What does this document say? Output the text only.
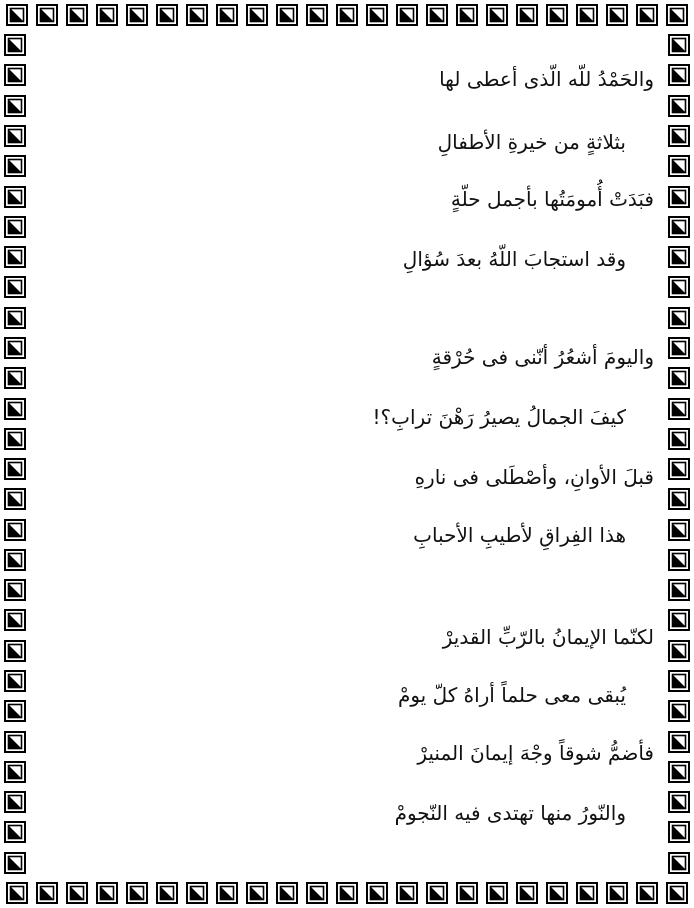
والحَمْدُ للّه الّذى أعطى لها
بثلاثةٍ من خيرةِ الأطفالِ
فبَدَتْ أُمومَتُها بأجمل حلّةٍ
وقد استجابَ اللّهُ بعدَ سُؤالِ
واليومَ أشعُرُ أنّنى فى حُرْقةٍ
كيفَ الجمالُ يصيرُ رَهْنَ ترابِ؟!
قبلَ الأوانِ، وأصْطَلى فى نارهِ
هذا الفِراقِ لأطيبِ الأحبابِ
لكنّما الإيمانُ بالرّبِّ القديرْ
يُبقى معى حلماً أراهُ كلّ يومْ
فأضمُّ شوقاً وجْهَ إيمانَ المنيرْ
والنّورُ منها تهتدى فيه النّجومْ
